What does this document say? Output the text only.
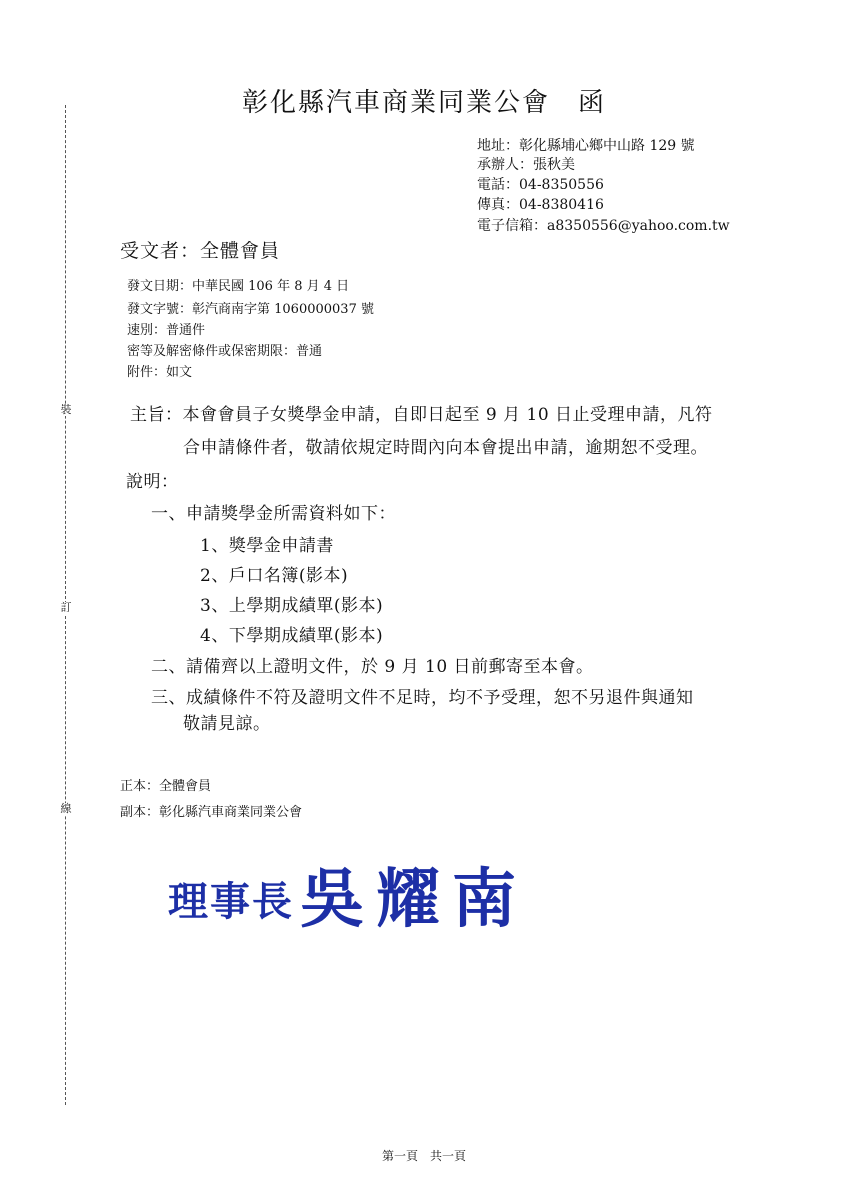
裝
訂
線
彰化縣汽車商業同業公會　函
地址：彰化縣埔心鄉中山路 129 號
承辦人：張秋美
電話：04-8350556
傳真：04-8380416
電子信箱：a8350556@yahoo.com.tw
受文者：全體會員
發文日期：中華民國 106 年 8 月 4 日
發文字號：彰汽商南字第 1060000037 號
速別：普通件
密等及解密條件或保密期限：普通
附件：如文
主旨：本會會員子女獎學金申請，自即日起至 9 月 10 日止受理申請，凡符
合申請條件者，敬請依規定時間內向本會提出申請，逾期恕不受理。
說明：
一、申請獎學金所需資料如下：
1、獎學金申請書
2、戶口名簿(影本)
3、上學期成績單(影本)
4、下學期成績單(影本)
二、請備齊以上證明文件，於 9 月 10 日前郵寄至本會。
三、成績條件不符及證明文件不足時，均不予受理，恕不另退件與通知
敬請見諒。
正本：全體會員
副本：彰化縣汽車商業同業公會
理事長吳耀南
第一頁　共一頁
